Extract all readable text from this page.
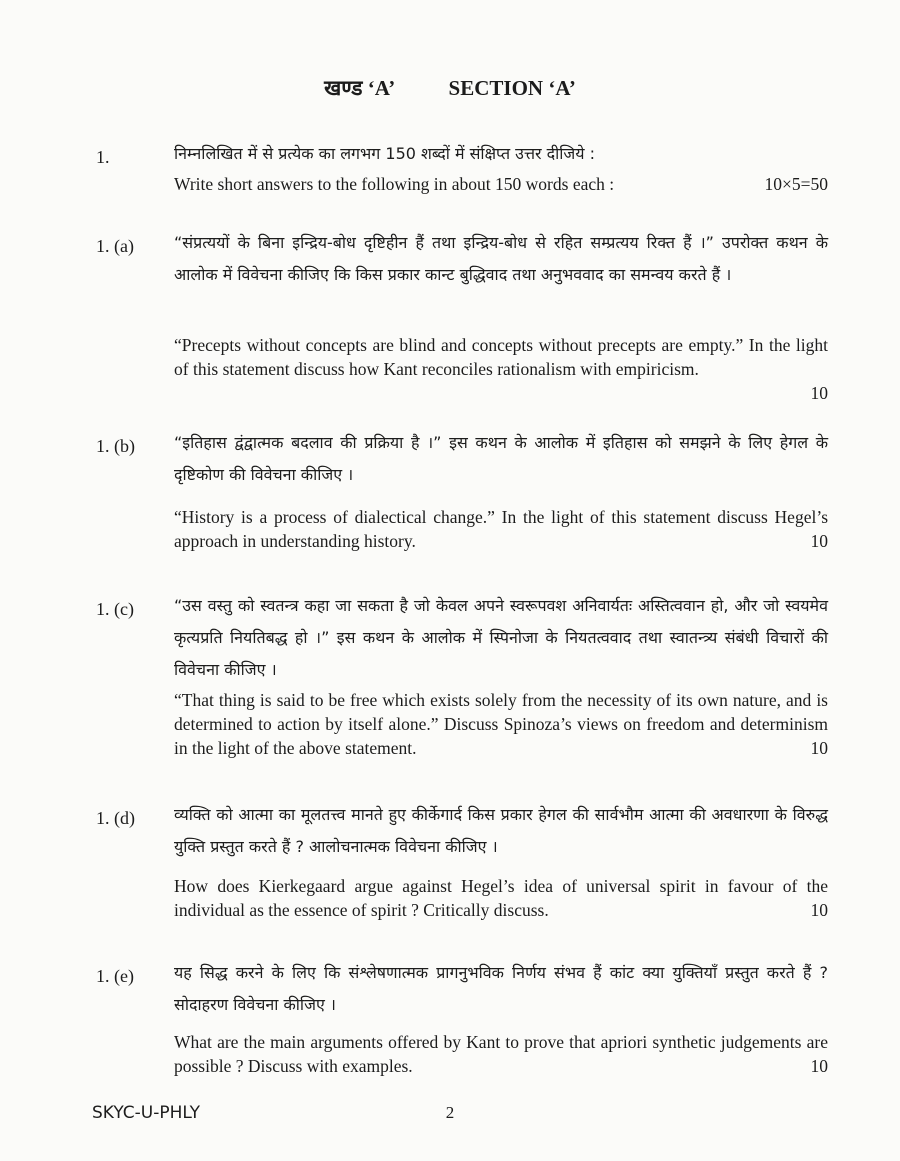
खण्ड ‘A’	SECTION ‘A’
1.	निम्नलिखित में से प्रत्येक का लगभग 150 शब्दों में संक्षिप्त उत्तर दीजिये :
Write short answers to the following in about 150 words each :	10×5=50
1. (a)	“संप्रत्ययों के बिना इन्द्रिय-बोध दृष्टिहीन हैं तथा इन्द्रिय-बोध से रहित सम्प्रत्यय रिक्त हैं ।” उपरोक्त कथन के आलोक में विवेचना कीजिए कि किस प्रकार कान्ट बुद्धिवाद तथा अनुभववाद का समन्वय करते हैं ।
“Precepts without concepts are blind and concepts without precepts are empty.” In the light of this statement discuss how Kant reconciles rationalism with empiricism.
10
1. (b) “इतिहास द्वंद्वात्मक बदलाव की प्रक्रिया है ।” इस कथन के आलोक में इतिहास को समझने के लिए हेगल के दृष्टिकोण की विवेचना कीजिए ।
“History is a process of dialectical change.” In the light of this statement discuss Hegel’s approach in understanding history.	10
1. (c)	“उस वस्तु को स्वतन्त्र कहा जा सकता है जो केवल अपने स्वरूपवश अनिवार्यतः अस्तित्ववान हो, और जो स्वयमेव कृत्यप्रति नियतिबद्ध हो ।” इस कथन के आलोक में स्पिनोजा के नियतत्ववाद तथा स्वातन्त्र्य संबंधी विचारों की विवेचना कीजिए ।
“That thing is said to be free which exists solely from the necessity of its own nature, and is determined to action by itself alone.” Discuss Spinoza’s views on freedom and determinism in the light of the above statement.	10
1. (d) व्यक्ति को आत्मा का मूलतत्त्व मानते हुए कीर्केगार्द किस प्रकार हेगल की सार्वभौम आत्मा की अवधारणा के विरुद्ध युक्ति प्रस्तुत करते हैं ? आलोचनात्मक विवेचना कीजिए ।
How does Kierkegaard argue against Hegel’s idea of universal spirit in favour of the individual as the essence of spirit ? Critically discuss.	10
1. (e)	यह सिद्ध करने के लिए कि संश्लेषणात्मक प्रागनुभविक निर्णय संभव हैं कांट क्या युक्तियाँ प्रस्तुत करते हैं ? सोदाहरण विवेचना कीजिए ।
What are the main arguments offered by Kant to prove that apriori synthetic judgements are possible ? Discuss with examples.	10
SKYC-U-PHLY	2
